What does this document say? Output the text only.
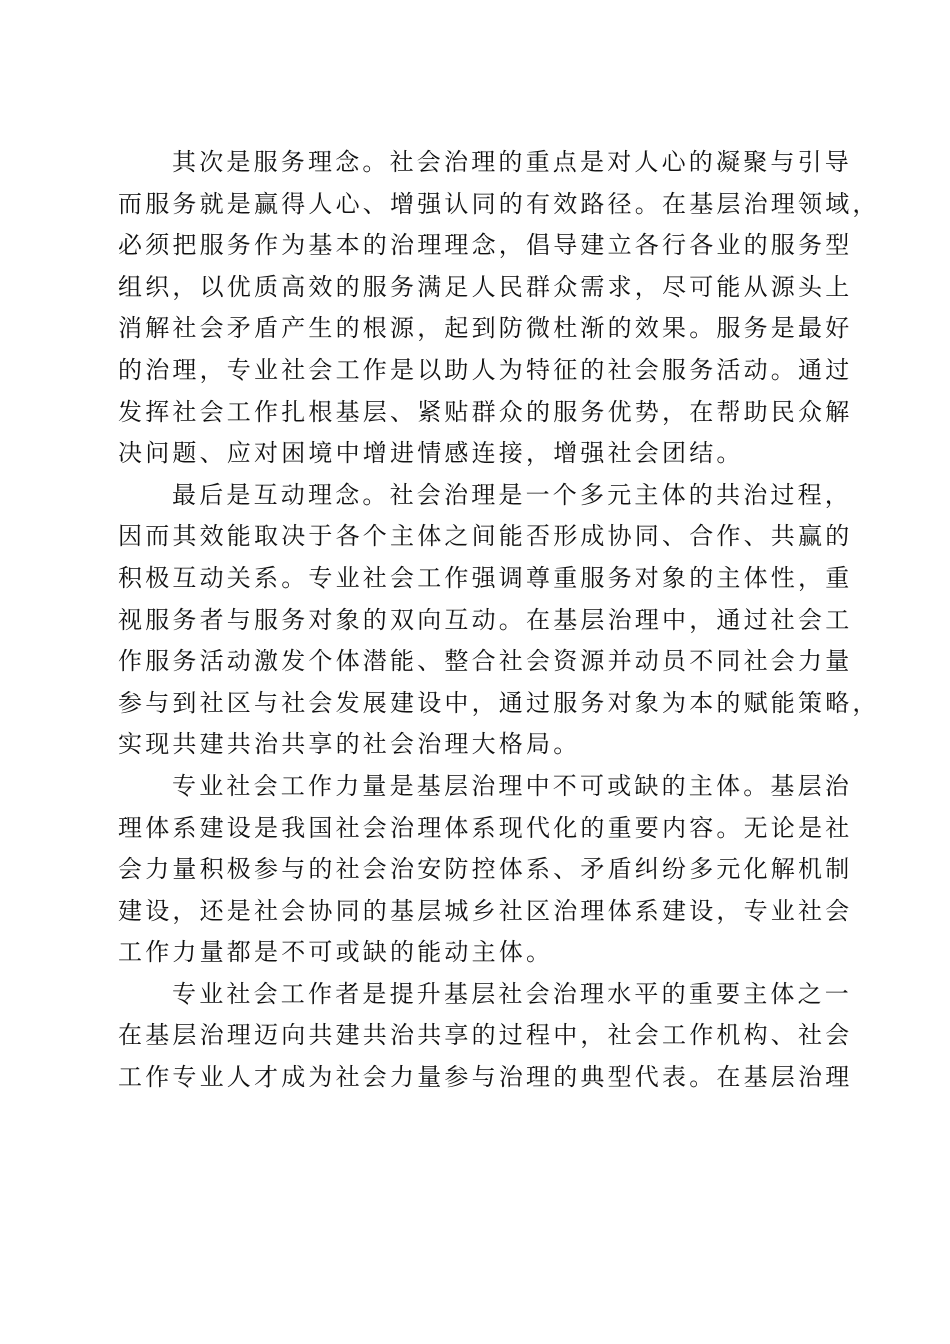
其次是服务理念。社会治理的重点是对人心的凝聚与引导
而服务就是赢得人心、增强认同的有效路径。在基层治理领域，
必须把服务作为基本的治理理念，倡导建立各行各业的服务型
组织，以优质高效的服务满足人民群众需求，尽可能从源头上
消解社会矛盾产生的根源，起到防微杜渐的效果。服务是最好
的治理，专业社会工作是以助人为特征的社会服务活动。通过
发挥社会工作扎根基层、紧贴群众的服务优势，在帮助民众解
决问题、应对困境中增进情感连接，增强社会团结。
最后是互动理念。社会治理是一个多元主体的共治过程，
因而其效能取决于各个主体之间能否形成协同、合作、共赢的
积极互动关系。专业社会工作强调尊重服务对象的主体性，重
视服务者与服务对象的双向互动。在基层治理中，通过社会工
作服务活动激发个体潜能、整合社会资源并动员不同社会力量
参与到社区与社会发展建设中，通过服务对象为本的赋能策略，
实现共建共治共享的社会治理大格局。
专业社会工作力量是基层治理中不可或缺的主体。基层治
理体系建设是我国社会治理体系现代化的重要内容。无论是社
会力量积极参与的社会治安防控体系、矛盾纠纷多元化解机制
建设，还是社会协同的基层城乡社区治理体系建设，专业社会
工作力量都是不可或缺的能动主体。
专业社会工作者是提升基层社会治理水平的重要主体之一
在基层治理迈向共建共治共享的过程中，社会工作机构、社会
工作专业人才成为社会力量参与治理的典型代表。在基层治理
